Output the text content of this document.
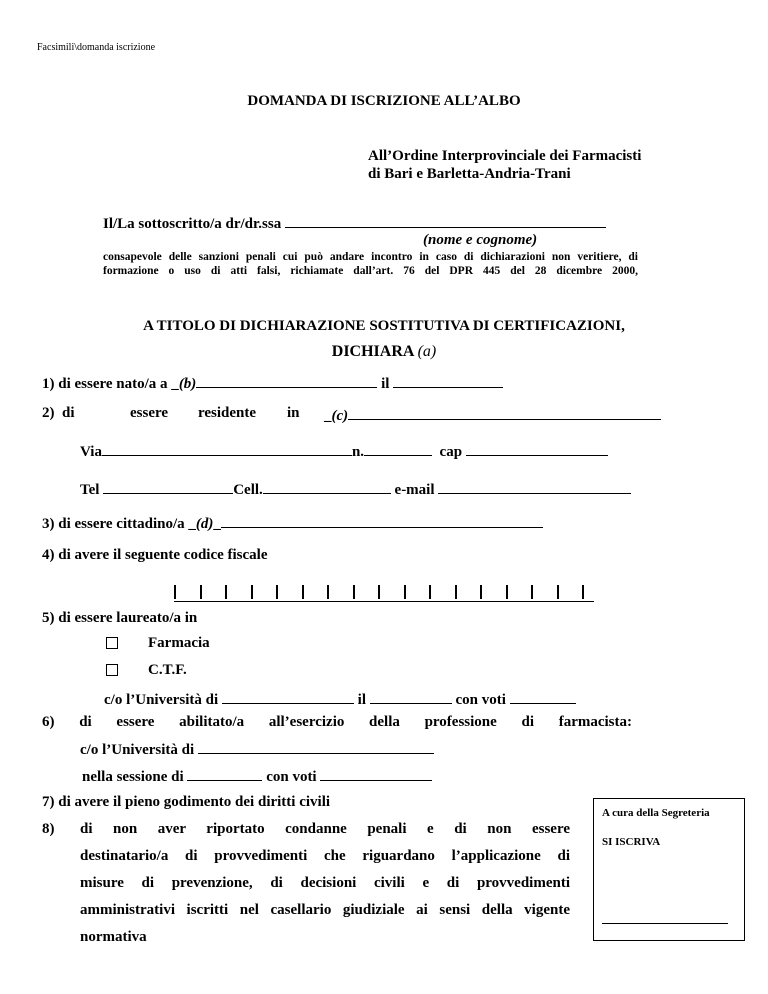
Facsimili\domanda iscrizione
DOMANDA DI ISCRIZIONE ALL’ALBO
All’Ordine Interprovinciale dei Farmacisti
di Bari e Barletta-Andria-Trani
Il/La sottoscritto/a dr/dr.ssa
(nome e cognome)
consapevole delle sanzioni penali cui può andare incontro in caso di dichiarazioni non veritiere, di formazione o uso di atti falsi, richiamate dall’art. 76 del DPR 445 del 28 dicembre 2000,
A TITOLO DI DICHIARAZIONE SOSTITUTIVA DI CERTIFICAZIONI,
DICHIARA (a)
1) di essere nato/a a _(b)	il
2) di	essere residente in _(c)
Via	n.	cap
Tel	Cell.	e-mail
3) di essere cittadino/a _(d)_
4) di avere il seguente codice fiscale
5) di essere laureato/a in
Farmacia
C.T.F.
c/o l’Università di	il	con voti
6) di essere abilitato/a all’esercizio della professione di farmacista:
c/o l’Università di
nella sessione di	con voti
7) di avere il pieno godimento dei diritti civili
8) di non aver riportato condanne penali e di non essere
destinatario/a di provvedimenti che riguardano l’applicazione di
misure di prevenzione, di decisioni civili e di provvedimenti
amministrativi iscritti nel casellario giudiziale ai sensi della vigente
normativa
A cura della Segreteria
SI ISCRIVA
